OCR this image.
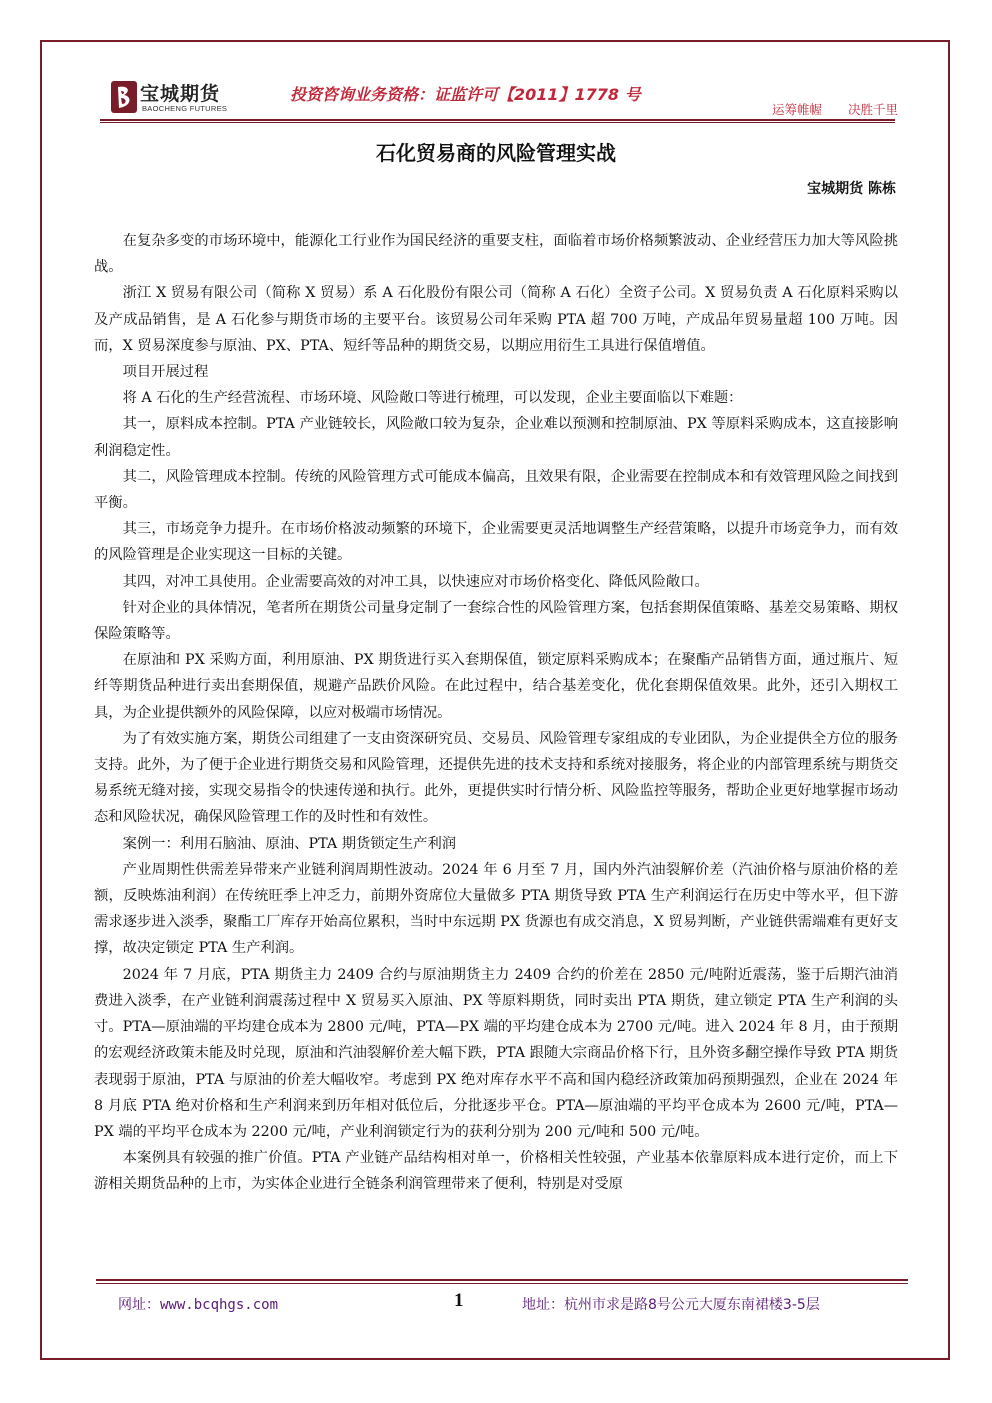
宝城期货
BAOCHENG FUTURES
投资咨询业务资格：证监许可【2011】1778 号
运筹帷幄 决胜千里
石化贸易商的风险管理实战
宝城期货 陈栋

在复杂多变的市场环境中，能源化工行业作为国民经济的重要支柱，面临着市场价格频繁波动、企业经营压力加大等风险挑战。

浙江 X 贸易有限公司（简称 X 贸易）系 A 石化股份有限公司（简称 A 石化）全资子公司。X 贸易负责 A 石化原料采购以及产成品销售，是 A 石化参与期货市场的主要平台。该贸易公司年采购 PTA 超 700 万吨，产成品年贸易量超 100 万吨。因而，X 贸易深度参与原油、PX、PTA、短纤等品种的期货交易，以期应用衍生工具进行保值增值。

项目开展过程

将 A 石化的生产经营流程、市场环境、风险敞口等进行梳理，可以发现，企业主要面临以下难题：

其一，原料成本控制。PTA 产业链较长，风险敞口较为复杂，企业难以预测和控制原油、PX 等原料采购成本，这直接影响利润稳定性。

其二，风险管理成本控制。传统的风险管理方式可能成本偏高，且效果有限，企业需要在控制成本和有效管理风险之间找到平衡。

其三，市场竞争力提升。在市场价格波动频繁的环境下，企业需要更灵活地调整生产经营策略，以提升市场竞争力，而有效的风险管理是企业实现这一目标的关键。

其四，对冲工具使用。企业需要高效的对冲工具，以快速应对市场价格变化、降低风险敞口。

针对企业的具体情况，笔者所在期货公司量身定制了一套综合性的风险管理方案，包括套期保值策略、基差交易策略、期权保险策略等。

在原油和 PX 采购方面，利用原油、PX 期货进行买入套期保值，锁定原料采购成本；在聚酯产品销售方面，通过瓶片、短纤等期货品种进行卖出套期保值，规避产品跌价风险。在此过程中，结合基差变化，优化套期保值效果。此外，还引入期权工具，为企业提供额外的风险保障，以应对极端市场情况。

为了有效实施方案，期货公司组建了一支由资深研究员、交易员、风险管理专家组成的专业团队，为企业提供全方位的服务支持。此外，为了便于企业进行期货交易和风险管理，还提供先进的技术支持和系统对接服务，将企业的内部管理系统与期货交易系统无缝对接，实现交易指令的快速传递和执行。此外，更提供实时行情分析、风险监控等服务，帮助企业更好地掌握市场动态和风险状况，确保风险管理工作的及时性和有效性。

案例一：利用石脑油、原油、PTA 期货锁定生产利润

产业周期性供需差异带来产业链利润周期性波动。2024 年 6 月至 7 月，国内外汽油裂解价差（汽油价格与原油价格的差额，反映炼油利润）在传统旺季上冲乏力，前期外资席位大量做多 PTA 期货导致 PTA 生产利润运行在历史中等水平，但下游需求逐步进入淡季，聚酯工厂库存开始高位累积，当时中东远期 PX 货源也有成交消息，X 贸易判断，产业链供需端难有更好支撑，故决定锁定 PTA 生产利润。

2024 年 7 月底，PTA 期货主力 2409 合约与原油期货主力 2409 合约的价差在 2850 元/吨附近震荡，鉴于后期汽油消费进入淡季，在产业链利润震荡过程中 X 贸易买入原油、PX 等原料期货，同时卖出 PTA 期货，建立锁定 PTA 生产利润的头寸。PTA—原油端的平均建仓成本为 2800 元/吨，PTA—PX 端的平均建仓成本为 2700 元/吨。进入 2024 年 8 月，由于预期的宏观经济政策未能及时兑现，原油和汽油裂解价差大幅下跌，PTA 跟随大宗商品价格下行，且外资多翻空操作导致 PTA 期货表现弱于原油，PTA 与原油的价差大幅收窄。考虑到 PX 绝对库存水平不高和国内稳经济政策加码预期强烈，企业在 2024 年 8 月底 PTA 绝对价格和生产利润来到历年相对低位后，分批逐步平仓。PTA—原油端的平均平仓成本为 2600 元/吨，PTA—PX 端的平均平仓成本为 2200 元/吨，产业利润锁定行为的获利分别为 200 元/吨和 500 元/吨。

本案例具有较强的推广价值。PTA 产业链产品结构相对单一，价格相关性较强，产业基本依靠原料成本进行定价，而上下游相关期货品种的上市，为实体企业进行全链条利润管理带来了便利，特别是对受原

网址：www.bcqhgs.com	1	地址：杭州市求是路8号公元大厦东南裙楼3-5层
